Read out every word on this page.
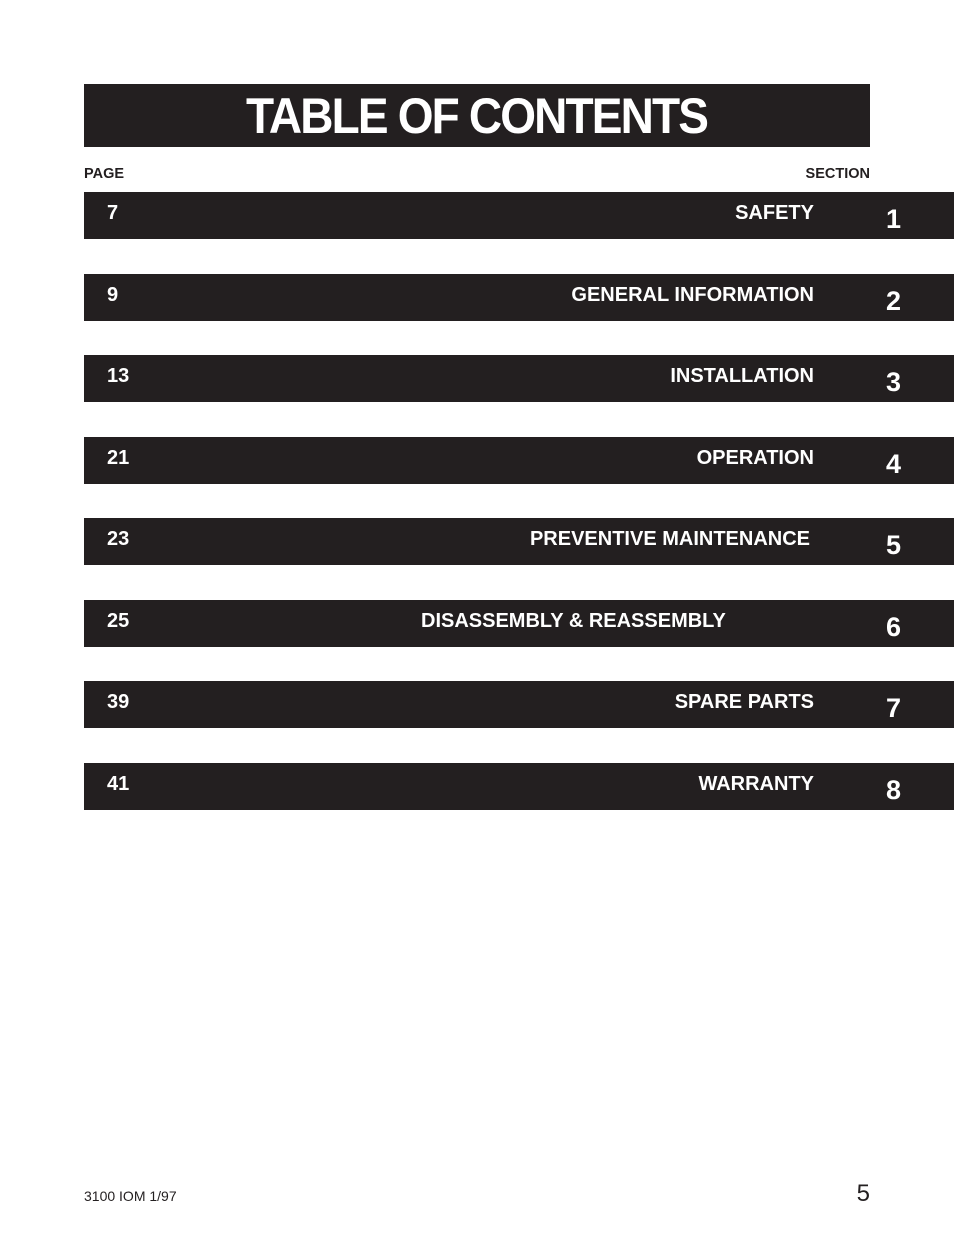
TABLE OF CONTENTS
PAGE	SECTION
7	SAFETY	1
9	GENERAL INFORMATION	2
13	INSTALLATION	3
21	OPERATION	4
23	PREVENTIVE MAINTENANCE	5
25	DISASSEMBLY & REASSEMBLY	6
39	SPARE PARTS	7
41	WARRANTY	8
3100 IOM 1/97	5
